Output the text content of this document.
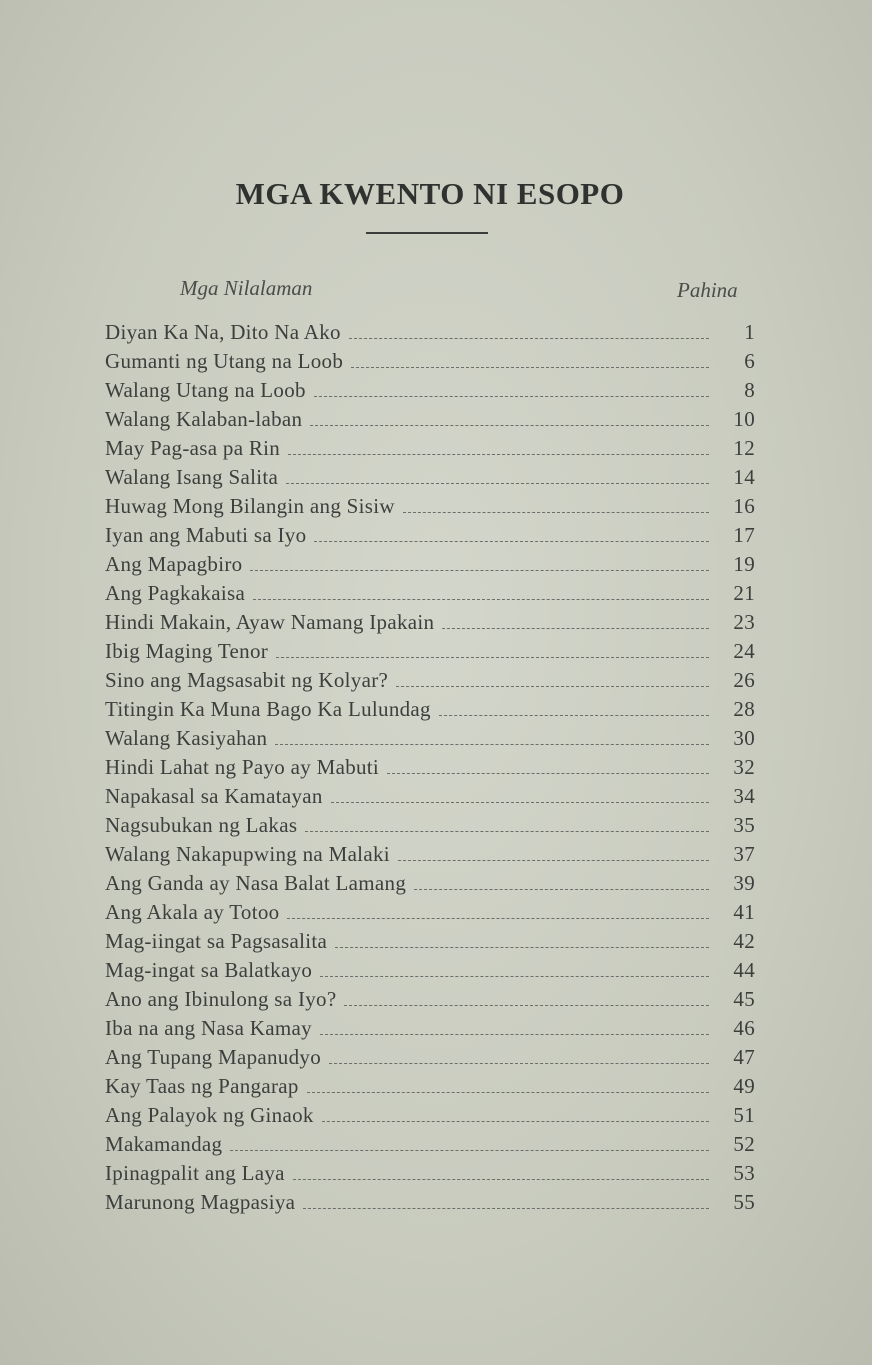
MGA KWENTO NI ESOPO
Mga Nilalaman	Pahina
Diyan Ka Na, Dito Na Ako	1
Gumanti ng Utang na Loob	6
Walang Utang na Loob	8
Walang Kalaban-laban	10
May Pag-asa pa Rin	12
Walang Isang Salita	14
Huwag Mong Bilangin ang Sisiw	16
Iyan ang Mabuti sa Iyo	17
Ang Mapagbiro	19
Ang Pagkakaisa	21
Hindi Makain, Ayaw Namang Ipakain	23
Ibig Maging Tenor	24
Sino ang Magsasabit ng Kolyar?	26
Titingin Ka Muna Bago Ka Lulundag	28
Walang Kasiyahan	30
Hindi Lahat ng Payo ay Mabuti	32
Napakasal sa Kamatayan	34
Nagsubukan ng Lakas	35
Walang Nakapupwing na Malaki	37
Ang Ganda ay Nasa Balat Lamang	39
Ang Akala ay Totoo	41
Mag-iingat sa Pagsasalita	42
Mag-ingat sa Balatkayo	44
Ano ang Ibinulong sa Iyo?	45
Iba na ang Nasa Kamay	46
Ang Tupang Mapanudyo	47
Kay Taas ng Pangarap	49
Ang Palayok ng Ginaok	51
Makamandag	52
Ipinagpalit ang Laya	53
Marunong Magpasiya	55
